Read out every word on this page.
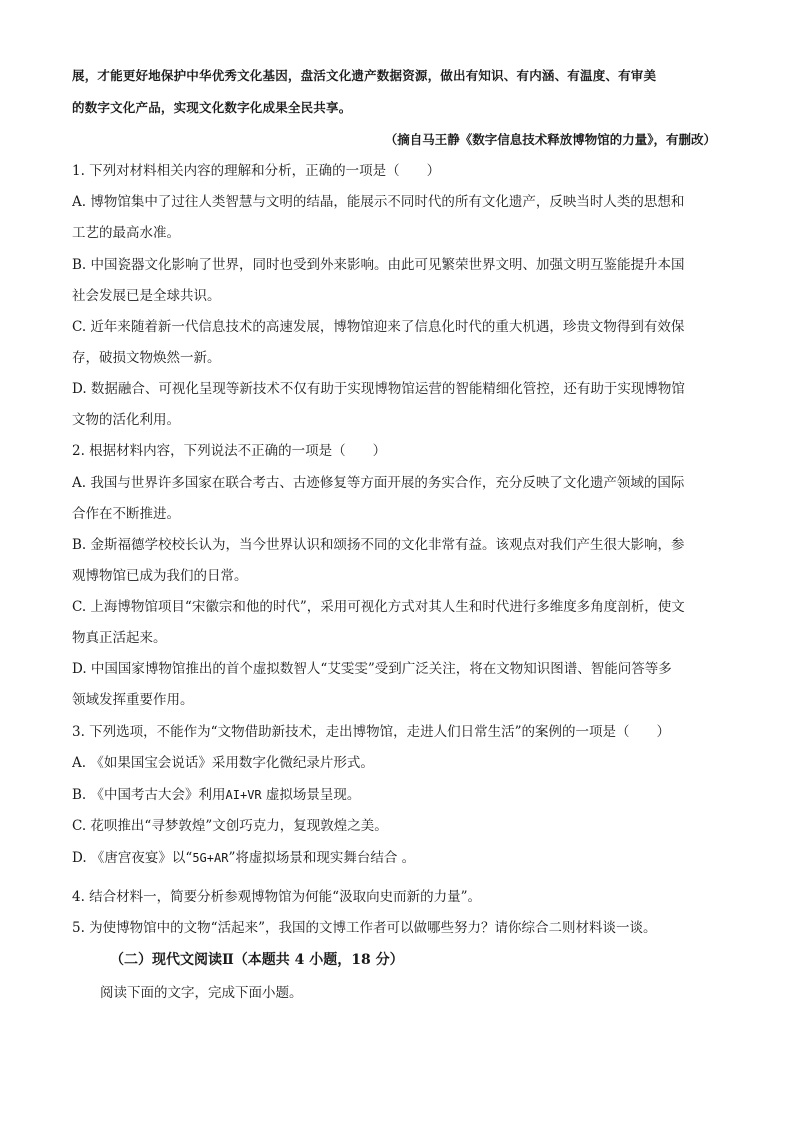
展，才能更好地保护中华优秀文化基因，盘活文化遗产数据资源，做出有知识、有内涵、有温度、有审美
的数字文化产品，实现文化数字化成果全民共享。
（摘自马王静《数字信息技术释放博物馆的力量》，有删改）
1. 下列对材料相关内容的理解和分析，正确的一项是（　　）
A. 博物馆集中了过往人类智慧与文明的结晶，能展示不同时代的所有文化遗产，反映当时人类的思想和
工艺的最高水准。
B. 中国瓷器文化影响了世界，同时也受到外来影响。由此可见繁荣世界文明、加强文明互鉴能提升本国
社会发展已是全球共识。
C. 近年来随着新一代信息技术的高速发展，博物馆迎来了信息化时代的重大机遇，珍贵文物得到有效保
存，破损文物焕然一新。
D. 数据融合、可视化呈现等新技术不仅有助于实现博物馆运营的智能精细化管控，还有助于实现博物馆
文物的活化利用。
2. 根据材料内容，下列说法不正确的一项是（　　）
A. 我国与世界许多国家在联合考古、古迹修复等方面开展的务实合作，充分反映了文化遗产领域的国际
合作在不断推进。
B. 金斯福德学校校长认为，当今世界认识和颂扬不同的文化非常有益。该观点对我们产生很大影响，参
观博物馆已成为我们的日常。
C. 上海博物馆项目“宋徽宗和他的时代”，采用可视化方式对其人生和时代进行多维度多角度剖析，使文
物真正活起来。
D. 中国国家博物馆推出的首个虚拟数智人“艾雯雯”受到广泛关注，将在文物知识图谱、智能问答等多
领域发挥重要作用。
3. 下列选项，不能作为“文物借助新技术，走出博物馆，走进人们日常生活”的案例的一项是（　　）
A. 《如果国宝会说话》采用数字化微纪录片形式。
B. 《中国考古大会》利用AI+VR 虚拟场景呈现。
C. 花呗推出“寻梦敦煌”文创巧克力，复现敦煌之美。
D. 《唐宫夜宴》以“5G+AR”将虚拟场景和现实舞台结合 。
4. 结合材料一，简要分析参观博物馆为何能“汲取向史而新的力量”。
5. 为使博物馆中的文物“活起来”，我国的文博工作者可以做哪些努力？请你综合二则材料谈一谈。
（二）现代文阅读Ⅱ（本题共 4 小题，18 分）
阅读下面的文字，完成下面小题。
